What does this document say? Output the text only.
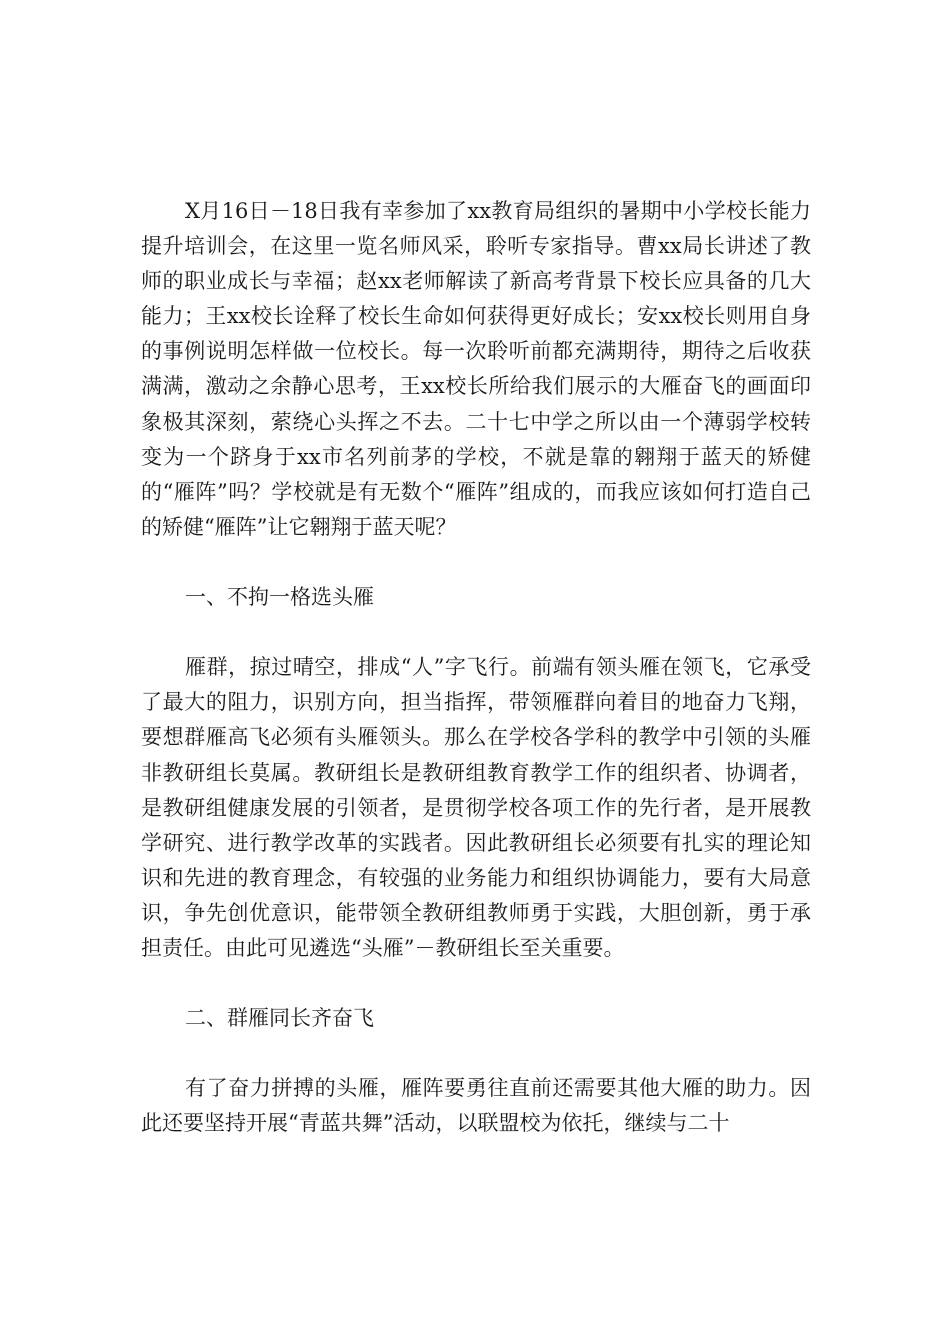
X月16日－18日我有幸参加了xx教育局组织的暑期中小学校长能力提升培训会，在这里一览名师风采，聆听专家指导。曹xx局长讲述了教师的职业成长与幸福；赵xx老师解读了新高考背景下校长应具备的几大能力；王xx校长诠释了校长生命如何获得更好成长；安xx校长则用自身的事例说明怎样做一位校长。每一次聆听前都充满期待，期待之后收获满满，激动之余静心思考，王xx校长所给我们展示的大雁奋飞的画面印象极其深刻，萦绕心头挥之不去。二十七中学之所以由一个薄弱学校转变为一个跻身于xx市名列前茅的学校，不就是靠的翱翔于蓝天的矫健的“雁阵”吗？学校就是有无数个“雁阵”组成的，而我应该如何打造自己的矫健“雁阵”让它翱翔于蓝天呢？

一、不拘一格选头雁

雁群，掠过晴空，排成“人”字飞行。前端有领头雁在领飞，它承受了最大的阻力，识别方向，担当指挥，带领雁群向着目的地奋力飞翔，要想群雁高飞必须有头雁领头。那么在学校各学科的教学中引领的头雁非教研组长莫属。教研组长是教研组教育教学工作的组织者、协调者，是教研组健康发展的引领者，是贯彻学校各项工作的先行者，是开展教学研究、进行教学改革的实践者。因此教研组长必须要有扎实的理论知识和先进的教育理念，有较强的业务能力和组织协调能力，要有大局意识，争先创优意识，能带领全教研组教师勇于实践，大胆创新，勇于承担责任。由此可见遴选“头雁”－教研组长至关重要。

二、群雁同长齐奋飞

有了奋力拼搏的头雁，雁阵要勇往直前还需要其他大雁的助力。因此还要坚持开展“青蓝共舞”活动，以联盟校为依托，继续与二十
